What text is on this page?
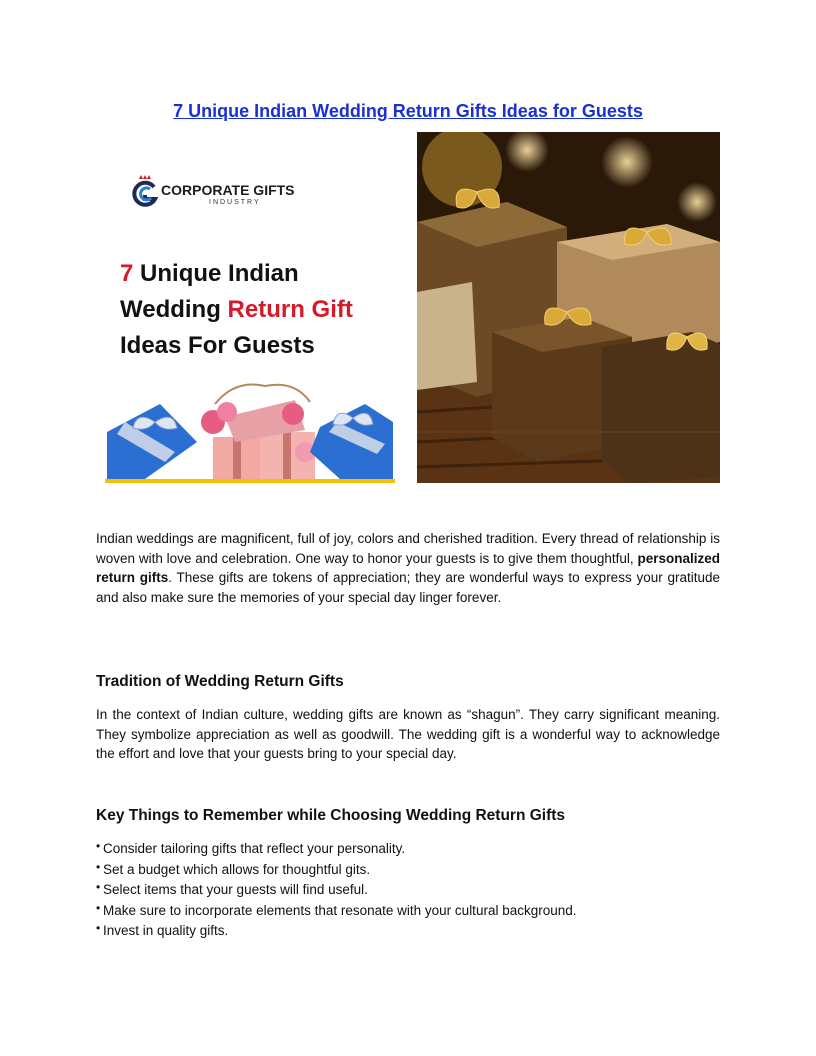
7 Unique Indian Wedding Return Gifts Ideas for Guests
CORPORATE GIFTS
INDUSTRY
7 Unique Indian
Wedding Return Gift
Ideas For Guests

Indian weddings are magnificent, full of joy, colors and cherished tradition. Every thread of relationship is woven with love and celebration. One way to honor your guests is to give them thoughtful, personalized return gifts. These gifts are tokens of appreciation; they are wonderful ways to express your gratitude and also make sure the memories of your special day linger forever.

Tradition of Wedding Return Gifts

In the context of Indian culture, wedding gifts are known as “shagun”. They carry significant meaning. They symbolize appreciation as well as goodwill. The wedding gift is a wonderful way to acknowledge the effort and love that your guests bring to your special day.

Key Things to Remember while Choosing Wedding Return Gifts
• Consider tailoring gifts that reflect your personality.
• Set a budget which allows for thoughtful gits.
• Select items that your guests will find useful.
• Make sure to incorporate elements that resonate with your cultural background.
• Invest in quality gifts.
